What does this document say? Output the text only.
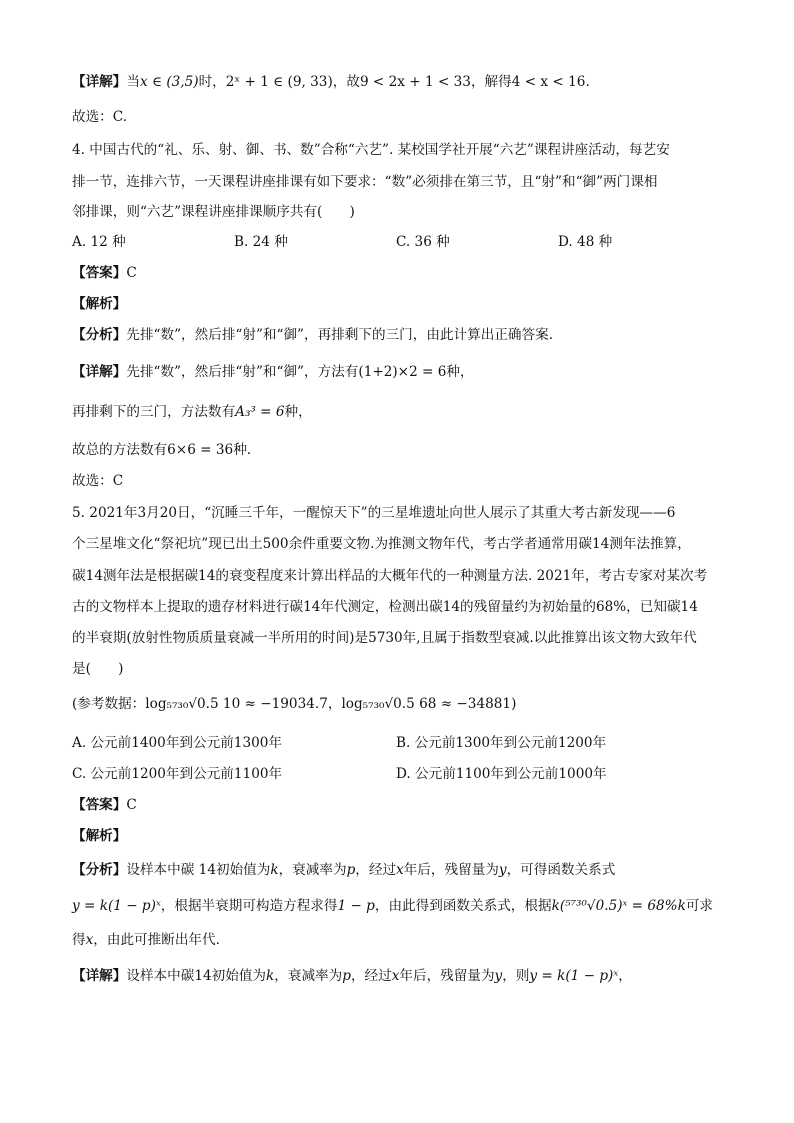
【详解】当x ∈ (3,5)时，2ˣ + 1 ∈ (9, 33)，故9 < 2x + 1 < 33，解得4 < x < 16.
故选：C.
4. 中国古代的“礼、乐、射、御、书、数”合称“六艺”. 某校国学社开展“六艺”课程讲座活动，每艺安
排一节，连排六节，一天课程讲座排课有如下要求：“数”必须排在第三节，且“射”和“御”两门课相
邻排课，则“六艺”课程讲座排课顺序共有(　　)
A. 12 种	B. 24 种	C. 36 种	D. 48 种
【答案】C
【解析】
【分析】先排“数”，然后排“射”和“御”，再排剩下的三门，由此计算出正确答案.
【详解】先排“数”，然后排“射”和“御”，方法有(1+2)×2 = 6种，
再排剩下的三门，方法数有A₃³ = 6种，
故总的方法数有6×6 = 36种.
故选：C
5. 2021年3月20日，“沉睡三千年，一醒惊天下”的三星堆遗址向世人展示了其重大考古新发现——6
个三星堆文化“祭祀坑”现已出土500余件重要文物.为推测文物年代，考古学者通常用碳14测年法推算，
碳14测年法是根据碳14的衰变程度来计算出样品的大概年代的一种测量方法. 2021年，考古专家对某次考
古的文物样本上提取的遗存材料进行碳14年代测定，检测出碳14的残留量约为初始量的68%，已知碳14
的半衰期(放射性物质质量衰减一半所用的时间)是5730年,且属于指数型衰减.以此推算出该文物大致年代
是(　　)
(参考数据：log₅₇₃₀√0.5 10 ≈ −19034.7，log₅₇₃₀√0.5 68 ≈ −34881)
A. 公元前1400年到公元前1300年	B. 公元前1300年到公元前1200年
C. 公元前1200年到公元前1100年	D. 公元前1100年到公元前1000年
【答案】C
【解析】
【分析】设样本中碳 14初始值为k，衰减率为p，经过x年后，残留量为y，可得函数关系式
y = k(1 − p)ˣ，根据半衰期可构造方程求得1 − p，由此得到函数关系式，根据k(⁵⁷³⁰√0.5)ˣ = 68%k可求
得x，由此可推断出年代.
【详解】设样本中碳14初始值为k，衰减率为p，经过x年后，残留量为y，则y = k(1 − p)ˣ，
